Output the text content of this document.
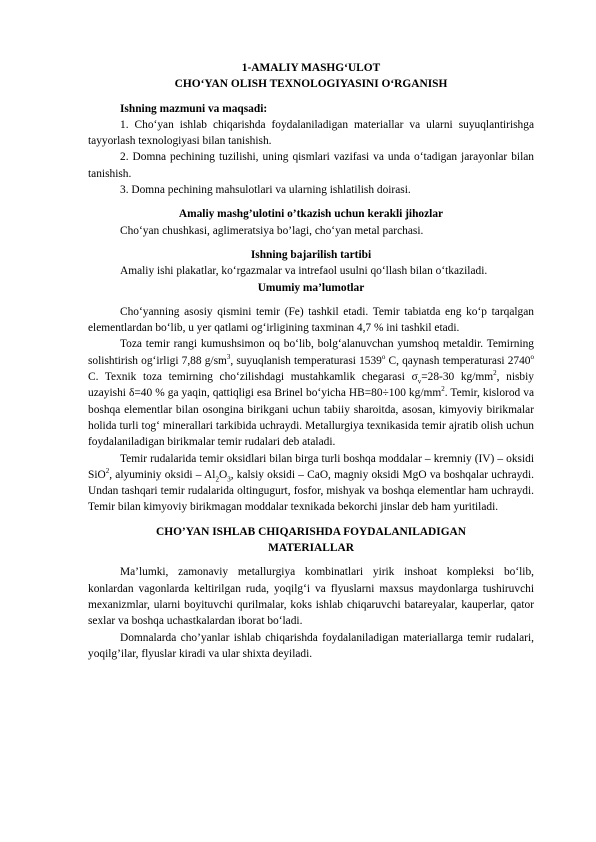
1-AMALIY MASHG‘ULOT

CHO‘YAN OLISH TEXNOLOGIYASINI O‘RGANISH

Ishning mazmuni va maqsadi:

1. Cho‘yan ishlab chiqarishda foydalaniladigan materiallar va ularni suyuqlantirishga tayyorlash texnologiyasi bilan tanishish.

2. Domna pechining tuzilishi, uning qismlari vazifasi va unda o‘tadigan jarayonlar bilan tanishish.

3. Domna pechining mahsulotlari va ularning ishlatilish doirasi.

Amaliy mashg’ulotini o’tkazish uchun kerakli jihozlar

Cho‘yan chushkasi, aglimeratsiya bo’lagi, cho‘yan metal parchasi.

Ishning bajarilish tartibi

Amaliy ishi plakatlar, ko‘rgazmalar va intrefaol usulni qo‘llash bilan o‘tkaziladi.

Umumiy ma’lumotlar

Cho‘yanning asosiy qismini temir (Fe) tashkil etadi. Temir tabiatda eng ko‘p tarqalgan elementlardan bo‘lib, u yer qatlami og‘irligining taxminan 4,7 % ini tashkil etadi.

Toza temir rangi kumushsimon oq bo‘lib, bolg‘alanuvchan yumshoq metaldir. Temirning solishtirish og‘irligi 7,88 $g/sm^3$, suyuqlanish temperaturasi 1539$^o$ C, qaynash temperaturasi 2740$^o$ C. Texnik toza temirning cho‘zilishdagi mustahkamlik chegarasi $\sigma_v=28-30$ $kg/mm^2$, nisbiy uzayishi δ=40 % ga yaqin, qattiqligi esa Brinel bo‘yicha HB=80÷100 $kg/mm^2$. Temir, kislorod va boshqa elementlar bilan osongina birikgani uchun tabiiy sharoitda, asosan, kimyoviy birikmalar holida turli tog‘ minerallari tarkibida uchraydi. Metallurgiya texnikasida temir ajratib olish uchun foydalaniladigan birikmalar temir rudalari deb ataladi.

Temir rudalarida temir oksidlari bilan birga turli boshqa moddalar – kremniy (IV) – oksidi SiO$^2$, alyuminiy oksidi – $Al_2O_3$, kalsiy oksidi – CaO, magniy oksidi MgO va boshqalar uchraydi. Undan tashqari temir rudalarida oltingugurt, fosfor, mishyak va boshqa elementlar ham uchraydi. Temir bilan kimyoviy birikmagan moddalar texnikada bekorchi jinslar deb ham yuritiladi.

CHO’YAN ISHLAB CHIQARISHDA FOYDALANILADIGAN

MATERIALLAR

Ma’lumki, zamonaviy metallurgiya kombinatlari yirik inshoat kompleksi bo‘lib, konlardan vagonlarda keltirilgan ruda, yoqilg‘i va flyuslarni maxsus maydonlarga tushiruvchi mexanizmlar, ularni boyituvchi qurilmalar, koks ishlab chiqaruvchi batareyalar, kauperlar, qator sexlar va boshqa uchastkalardan iborat bo‘ladi.

Domnalarda cho’yanlar ishlab chiqarishda foydalaniladigan materiallarga temir rudalari, yoqilg’ilar, flyuslar kiradi va ular shixta deyiladi.
